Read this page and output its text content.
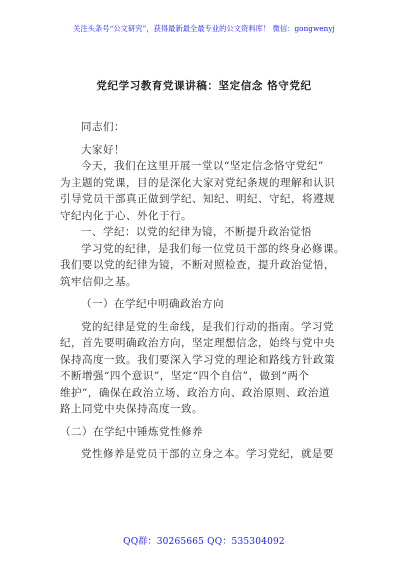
关注头条号“公文研究”，获得最新最全最专业的公文资料库！ 微信：gongwenyj
党纪学习教育党课讲稿：坚定信念 恪守党纪
同志们：
大家好！
今天，我们在这里开展一堂以“坚定信念恪守党纪”
为主题的党课，目的是深化大家对党纪条规的理解和认识
引导党员干部真正做到学纪、知纪、明纪、守纪，将遵规
守纪内化于心、外化于行。
一、学纪：以党的纪律为镜，不断提升政治觉悟
学习党的纪律，是我们每一位党员干部的终身必修课。
我们要以党的纪律为镜，不断对照检查，提升政治觉悟，
筑牢信仰之基。
（一）在学纪中明确政治方向
党的纪律是党的生命线，是我们行动的指南。学习党
纪，首先要明确政治方向，坚定理想信念，始终与党中央
保持高度一致。我们要深入学习党的理论和路线方针政策
不断增强“四个意识”，坚定“四个自信”，做到“两个
维护”，确保在政治立场、政治方向、政治原则、政治道
路上同党中央保持高度一致。
（二）在学纪中锤炼党性修养
党性修养是党员干部的立身之本。学习党纪，就是要
QQ群：30265665 QQ：535304092
